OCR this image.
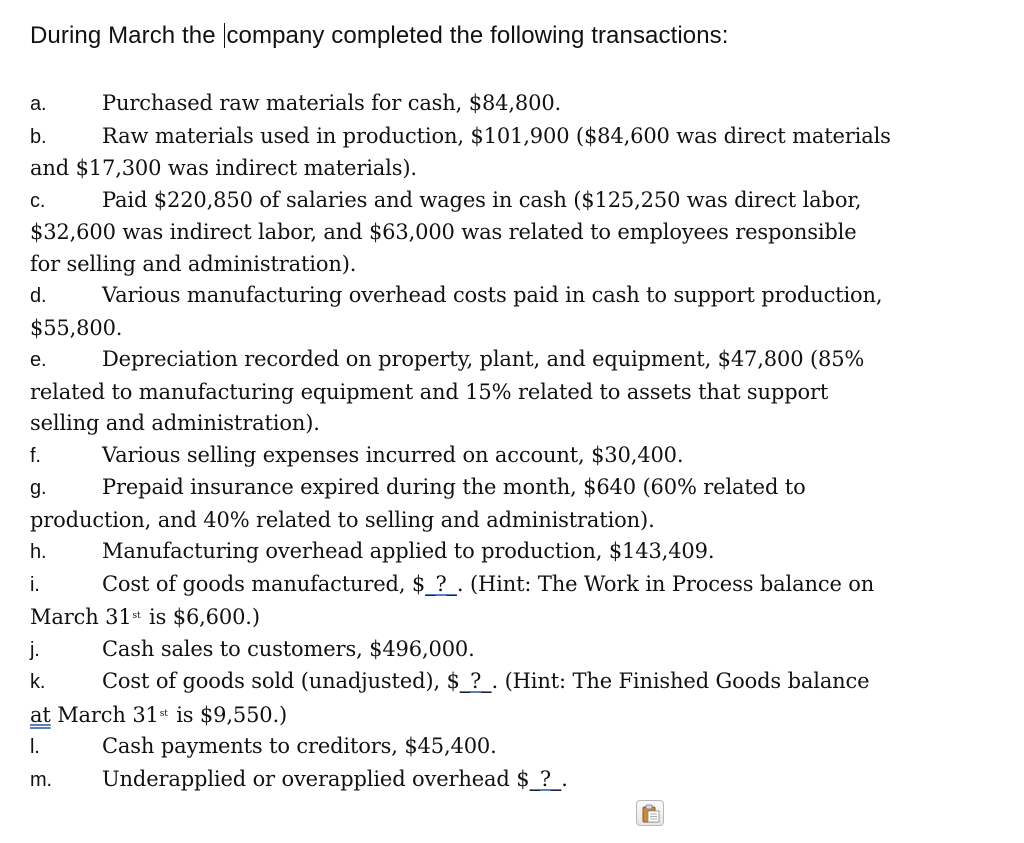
During March the company completed the following transactions:
a.	Purchased raw materials for cash, $84,800.
b.	Raw materials used in production, $101,900 ($84,600 was direct materials
and $17,300 was indirect materials).
c.	Paid $220,850 of salaries and wages in cash ($125,250 was direct labor,
$32,600 was indirect labor, and $63,000 was related to employees responsible
for selling and administration).
d.	Various manufacturing overhead costs paid in cash to support production,
$55,800.
e.	Depreciation recorded on property, plant, and equipment, $47,800 (85%
related to manufacturing equipment and 15% related to assets that support
selling and administration).
f.	Various selling expenses incurred on account, $30,400.
g.	Prepaid insurance expired during the month, $640 (60% related to
production, and 40% related to selling and administration).
h.	Manufacturing overhead applied to production, $143,409.
i.	Cost of goods manufactured, $_?_. (Hint: The Work in Process balance on
March 31st is $6,600.)
j.	Cash sales to customers, $496,000.
k.	Cost of goods sold (unadjusted), $_?_. (Hint: The Finished Goods balance
at March 31st is $9,550.)
l.	Cash payments to creditors, $45,400.
m. Underapplied or overapplied overhead $_?_.
